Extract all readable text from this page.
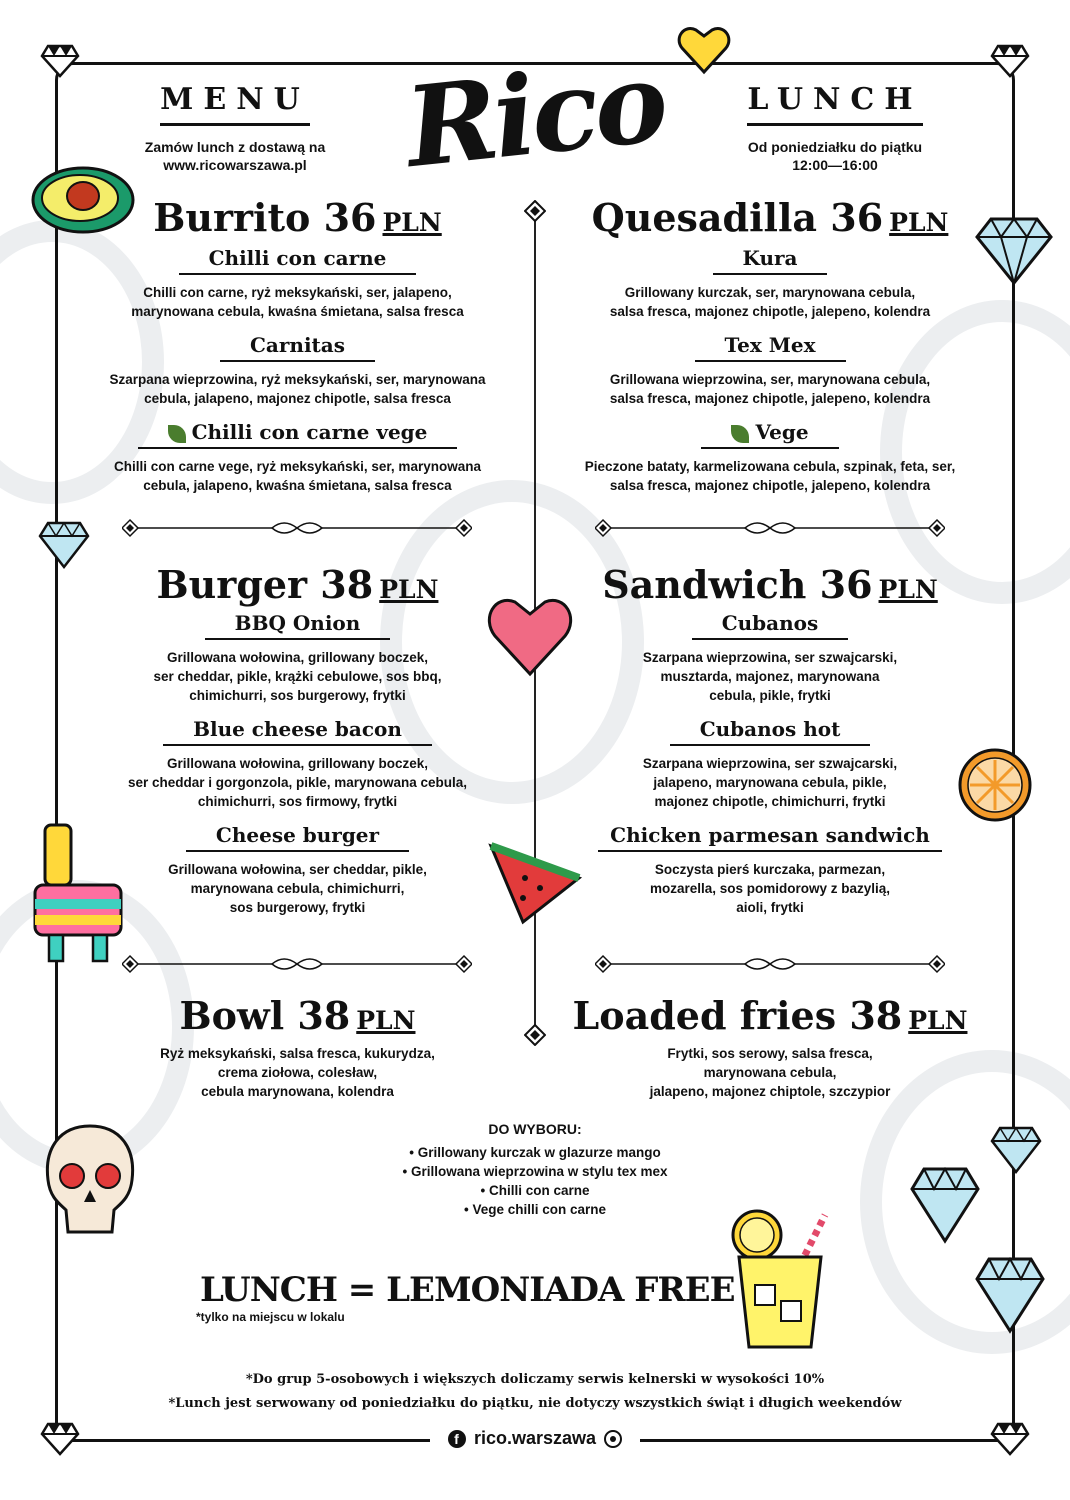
MENU
Zamów lunch z dostawą na
www.ricowarszawa.pl Rico	LUNCH
Od poniedziałku do piątku
12:00—16:00
Burrito 36 PLN
Chilli con carne
Chilli con carne, ryż meksykański, ser, jalapeno,
marynowana cebula, kwaśna śmietana, salsa fresca
Carnitas
Szarpana wieprzowina, ryż meksykański, ser, marynowana
cebula, jalapeno, majonez chipotle, salsa fresca
Chilli con carne vege
Chilli con carne vege, ryż meksykański, ser, marynowana
cebula, jalapeno, kwaśna śmietana, salsa fresca
Quesadilla 36 PLN
Kura
Grillowany kurczak, ser, marynowana cebula,
salsa fresca, majonez chipotle, jalepeno, kolendra
Tex Mex
Grillowana wieprzowina, ser, marynowana cebula,
salsa fresca, majonez chipotle, jalepeno, kolendra
Vege
Pieczone bataty, karmelizowana cebula, szpinak, feta, ser,
salsa fresca, majonez chipotle, jalepeno, kolendra
Burger 38 PLN
BBQ Onion
Grillowana wołowina, grillowany boczek,
ser cheddar, pikle, krążki cebulowe, sos bbq,
chimichurri, sos burgerowy, frytki
Blue cheese bacon
Grillowana wołowina, grillowany boczek,
ser cheddar i gorgonzola, pikle, marynowana cebula,
chimichurri, sos firmowy, frytki
Cheese burger
Grillowana wołowina, ser cheddar, pikle,
marynowana cebula, chimichurri,
sos burgerowy, frytki
Sandwich 36 PLN
Cubanos
Szarpana wieprzowina, ser szwajcarski,
musztarda, majonez, marynowana
cebula, pikle, frytki
Cubanos hot
Szarpana wieprzowina, ser szwajcarski,
jalapeno, marynowana cebula, pikle,
majonez chipotle, chimichurri, frytki
Chicken parmesan sandwich
Soczysta pierś kurczaka, parmezan,
mozarella, sos pomidorowy z bazylią,
aioli, frytki
Bowl 38 PLN
Ryż meksykański, salsa fresca, kukurydza,
crema ziołowa, colesław,
cebula marynowana, kolendra
Loaded fries 38 PLN
Frytki, sos serowy, salsa fresca,
marynowana cebula,
jalapeno, majonez chiptole, szczypior
DO WYBORU:
• Grillowany kurczak w glazurze mango
• Grillowana wieprzowina w stylu tex mex
• Chilli con carne
• Vege chilli con carne
LUNCH = LEMONIADA FREE
*tylko na miejscu w lokalu
*Do grup 5-osobowych i większych doliczamy serwis kelnerski w wysokości 10%
*Lunch jest serwowany od poniedziałku do piątku, nie dotyczy wszystkich świąt i długich weekendów
f rico.warszawa
